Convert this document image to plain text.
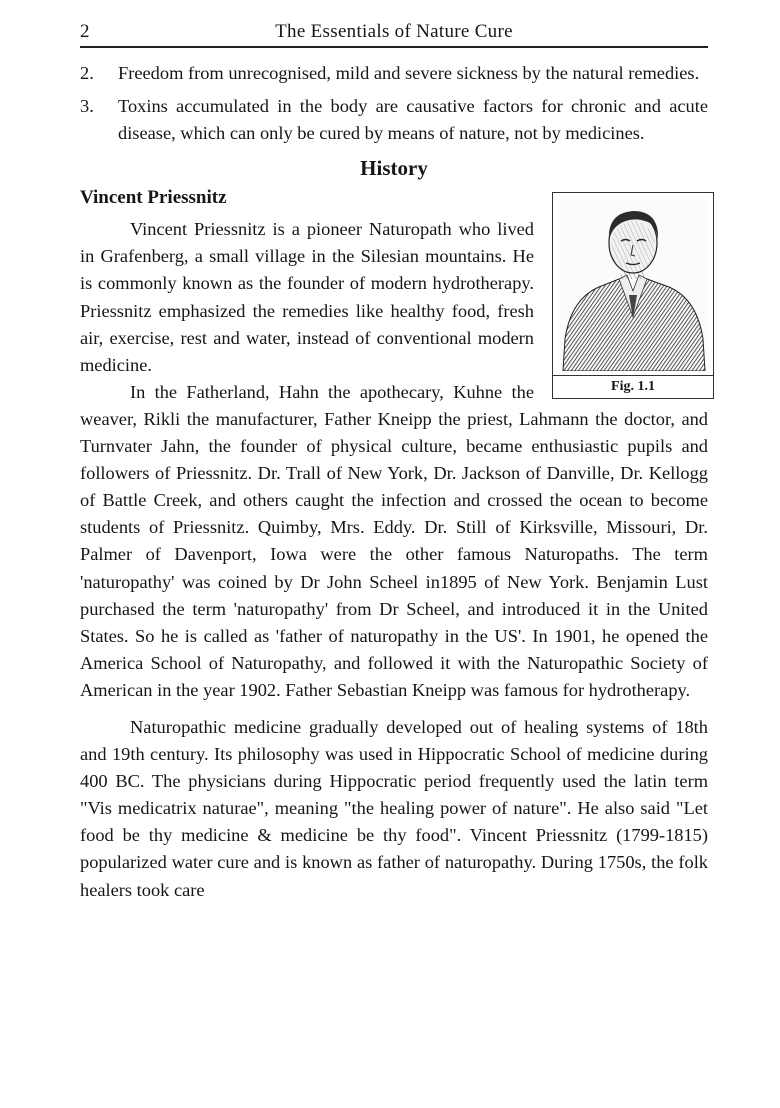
2	The Essentials of Nature Cure
2.	Freedom from unrecognised, mild and severe sickness by the natural remedies.
3.	Toxins accumulated in the body are causative factors for chronic and acute disease, which can only be cured by means of nature, not by medicines.
History
Vincent Priessnitz
Fig. 1.1

Vincent Priessnitz is a pioneer Naturopath who lived in Grafenberg, a small village in the Silesian mountains. He is commonly known as the founder of modern hydrotherapy. Priessnitz emphasized the remedies like healthy food, fresh air, exercise, rest and water, instead of conventional modern medicine.

In the Fatherland, Hahn the apothecary, Kuhne the weaver, Rikli the manufacturer, Father Kneipp the priest, Lahmann the doctor, and Turnvater Jahn, the founder of physical culture, became enthusiastic pupils and followers of Priessnitz. Dr. Trall of New York, Dr. Jackson of Danville, Dr. Kellogg of Battle Creek, and others caught the infection and crossed the ocean to become students of Priessnitz. Quimby, Mrs. Eddy. Dr. Still of Kirksville, Missouri, Dr. Palmer of Davenport, Iowa were the other famous Naturopaths. The term 'naturopathy' was coined by Dr John Scheel in1895 of New York. Benjamin Lust purchased the term 'naturopathy' from Dr Scheel, and introduced it in the United States. So he is called as 'father of naturopathy in the US'. In 1901, he opened the America School of Naturopathy, and followed it with the Naturopathic Society of American in the year 1902. Father Sebastian Kneipp was famous for hydrotherapy.

Naturopathic medicine gradually developed out of healing systems of 18th and 19th century. Its philosophy was used in Hippocratic School of medicine during 400 BC. The physicians during Hippocratic period frequently used the latin term "Vis medicatrix naturae", meaning "the healing power of nature". He also said "Let food be thy medicine & medicine be thy food". Vincent Priessnitz (1799-1815) popularized water cure and is known as father of naturopathy. During 1750s, the folk healers took care
